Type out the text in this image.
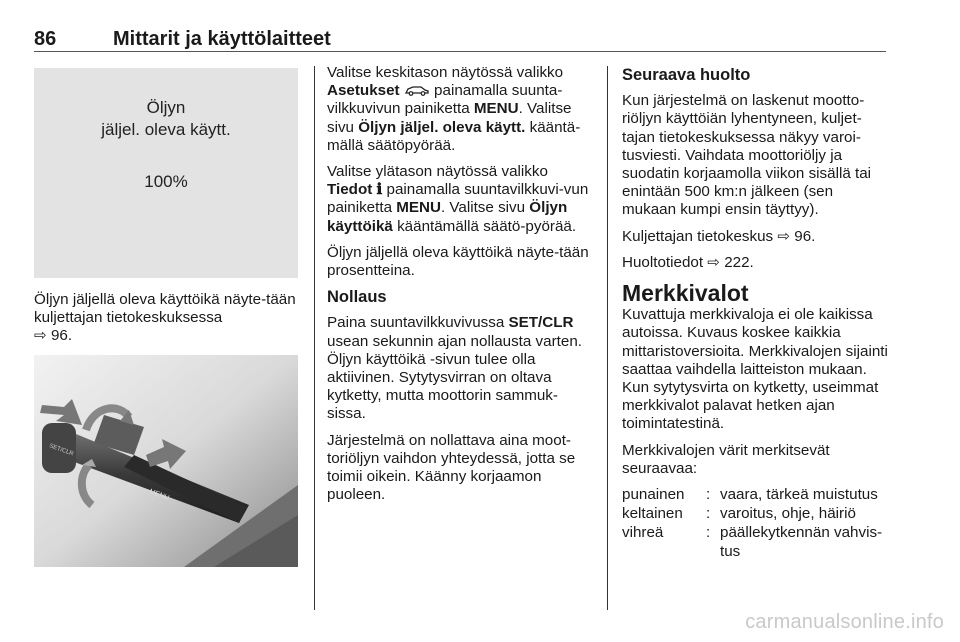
86	Mittarit ja käyttölaitteet
Öljyn
jäljel. oleva käytt.
100%
Öljyn jäljellä oleva käyttöikä näyte-tään kuljettajan tietokeskuksessa
⇨ 96.
MENU
SET/CLR

Valitse keskitason näytössä valikko Asetukset  painamalla suunta-vilkkuvivun painiketta MENU. Valitse sivu Öljyn jäljel. oleva käytt. kääntä-mällä säätöpyörää.

Valitse ylätason näytössä valikko Tiedot ℹ painamalla suuntavilkkuvi-vun painiketta MENU. Valitse sivu Öljyn käyttöikä kääntämällä säätö-pyörää.

Öljyn jäljellä oleva käyttöikä näyte-tään prosentteina.

Nollaus

Paina suuntavilkkuvivussa SET/CLR usean sekunnin ajan nollausta varten. Öljyn käyttöikä -sivun tulee olla aktiivinen. Sytytysvirran on oltava kytketty, mutta moottorin sammuk-sissa.

Järjestelmä on nollattava aina moot-toriöljyn vaihdon yhteydessä, jotta se toimii oikein. Käänny korjaamon puoleen.

Seuraava huolto

Kun järjestelmä on laskenut mootto-riöljyn käyttöiän lyhentyneen, kuljet-tajan tietokeskuksessa näkyy varoi-tusviesti. Vaihdata moottoriöljy ja suodatin korjaamolla viikon sisällä tai enintään 500 km:n jälkeen (sen mukaan kumpi ensin täyttyy).

Kuljettajan tietokeskus ⇨ 96.

Huoltotiedot ⇨ 222.

Merkkivalot

Kuvattuja merkkivaloja ei ole kaikissa autoissa. Kuvaus koskee kaikkia mittaristoversioita. Merkkivalojen sijainti saattaa vaihdella laitteiston mukaan. Kun sytytysvirta on kytketty, useimmat merkkivalot palavat hetken ajan toimintatestinä.

Merkkivalojen värit merkitsevät seuraavaa:

punainen	:	vaara, tärkeä muistutus
keltainen	:	varoitus, ohje, häiriö
vihreä	:	päällekytkennän vahvis-tus
carmanualsonline.info
